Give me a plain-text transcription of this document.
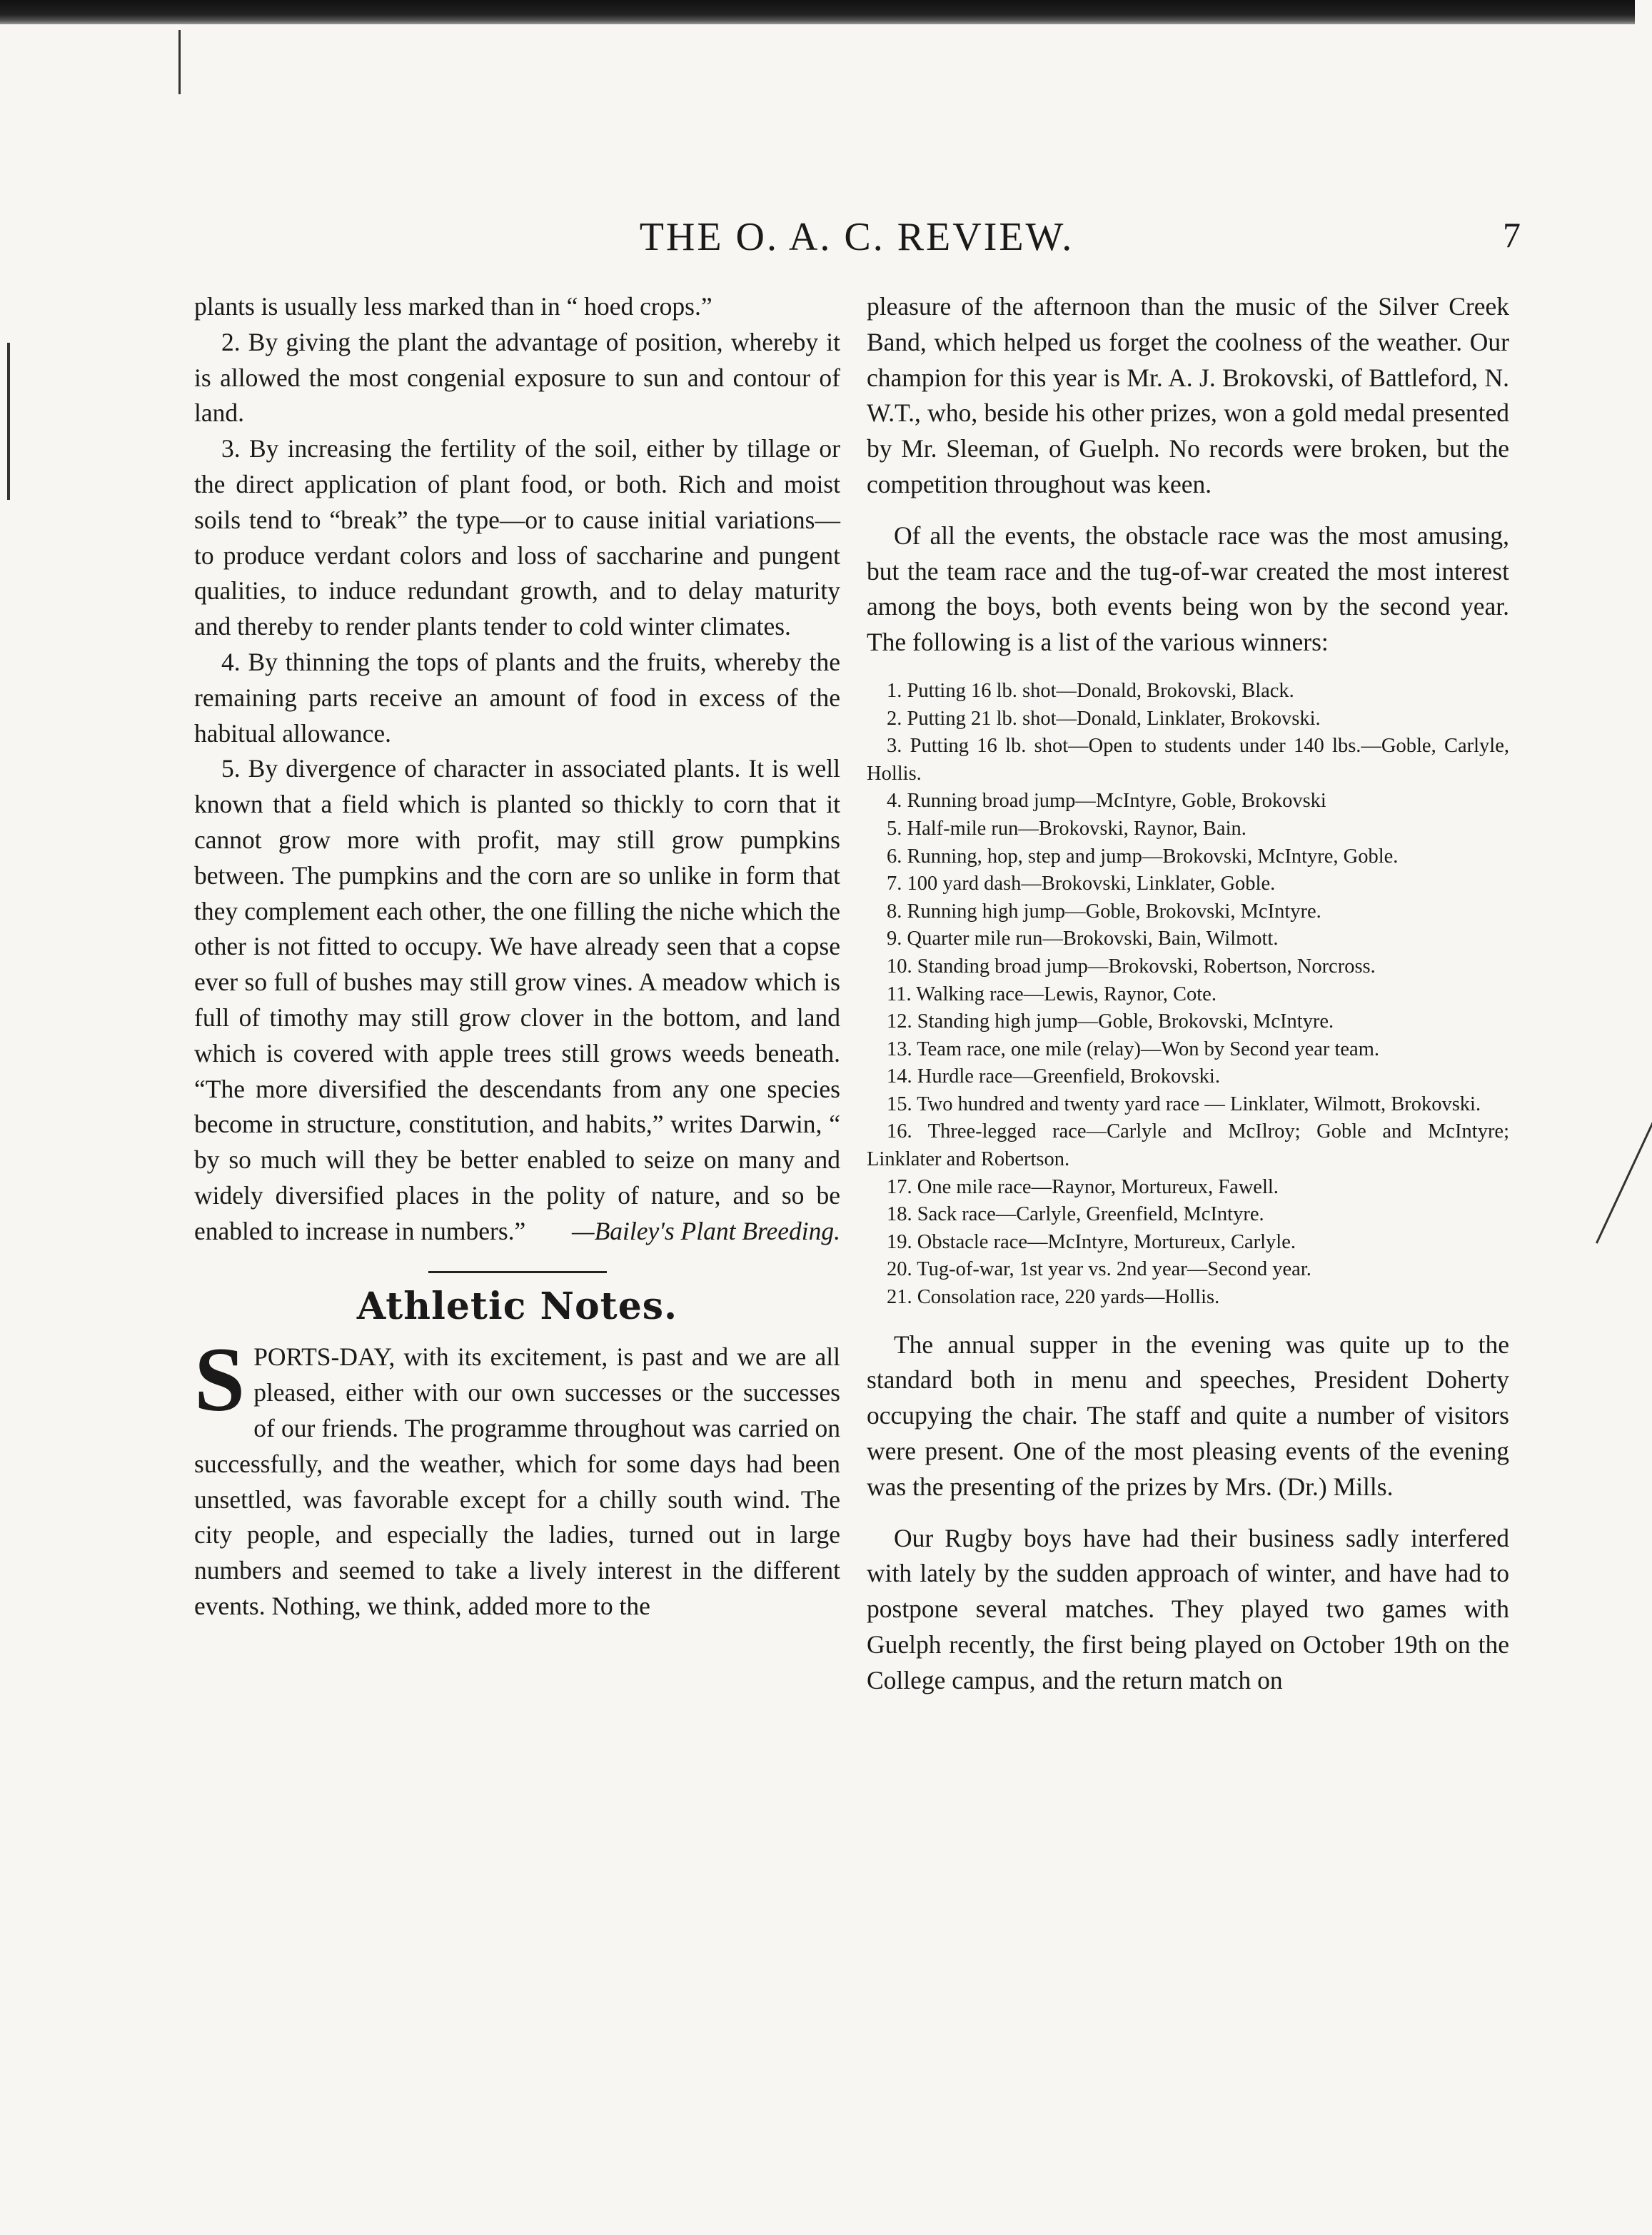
THE O. A. C. REVIEW.	7

plants is usually less marked than in “ hoed crops.”

2. By giving the plant the advantage of position, whereby it is allowed the most congenial exposure to sun and contour of land.

3. By increasing the fertility of the soil, either by tillage or the direct application of plant food, or both. Rich and moist soils tend to “break” the type—or to cause initial variations—to produce verdant colors and loss of saccharine and pungent qualities, to induce redundant growth, and to delay maturity and thereby to render plants tender to cold winter climates.

4. By thinning the tops of plants and the fruits, whereby the remaining parts receive an amount of food in excess of the habitual allowance.

5. By divergence of character in associated plants. It is well known that a field which is planted so thickly to corn that it cannot grow more with profit, may still grow pumpkins between. The pumpkins and the corn are so unlike in form that they complement each other, the one filling the niche which the other is not fitted to occupy. We have already seen that a copse ever so full of bushes may still grow vines. A meadow which is full of timothy may still grow clover in the bottom, and land which is covered with apple trees still grows weeds beneath. “The more diversified the descendants from any one species become in structure, constitution, and habits,” writes Darwin, “ by so much will they be better enabled to seize on many and widely diversified places in the polity of nature, and so be enabled to increase in numbers.”	—Bailey's Plant Breeding.

Athletic Notes.

SPORTS-DAY, with its excitement, is past and we are all pleased, either with our own successes or the successes of our friends. The programme throughout was carried on successfully, and the weather, which for some days had been unsettled, was favorable except for a chilly south wind. The city people, and especially the ladies, turned out in large numbers and seemed to take a lively interest in the different events. Nothing, we think, added more to the

pleasure of the afternoon than the music of the Silver Creek Band, which helped us forget the coolness of the weather. Our champion for this year is Mr. A. J. Brokovski, of Battleford, N. W.T., who, beside his other prizes, won a gold medal presented by Mr. Sleeman, of Guelph. No records were broken, but the competition throughout was keen.

Of all the events, the obstacle race was the most amusing, but the team race and the tug-of-war created the most interest among the boys, both events being won by the second year. The following is a list of the various winners:

1. Putting 16 lb. shot—Donald, Brokovski, Black.
2. Putting 21 lb. shot—Donald, Linklater, Brokovski.
3. Putting 16 lb. shot—Open to students under 140 lbs.—Goble, Carlyle, Hollis.
4. Running broad jump—McIntyre, Goble, Brokovski
5. Half-mile run—Brokovski, Raynor, Bain.
6. Running, hop, step and jump—Brokovski, McIntyre, Goble.
7. 100 yard dash—Brokovski, Linklater, Goble.
8. Running high jump—Goble, Brokovski, McIntyre.
9. Quarter mile run—Brokovski, Bain, Wilmott.
10. Standing broad jump—Brokovski, Robertson, Norcross.
11. Walking race—Lewis, Raynor, Cote.
12. Standing high jump—Goble, Brokovski, McIntyre.
13. Team race, one mile (relay)—Won by Second year team.
14. Hurdle race—Greenfield, Brokovski.
15. Two hundred and twenty yard race — Linklater, Wilmott, Brokovski.
16. Three-legged race—Carlyle and McIlroy; Goble and McIntyre; Linklater and Robertson.
17. One mile race—Raynor, Mortureux, Fawell.
18. Sack race—Carlyle, Greenfield, McIntyre.
19. Obstacle race—McIntyre, Mortureux, Carlyle.
20. Tug-of-war, 1st year vs. 2nd year—Second year.
21. Consolation race, 220 yards—Hollis.

The annual supper in the evening was quite up to the standard both in menu and speeches, President Doherty occupying the chair. The staff and quite a number of visitors were present. One of the most pleasing events of the evening was the presenting of the prizes by Mrs. (Dr.) Mills.

Our Rugby boys have had their business sadly interfered with lately by the sudden approach of winter, and have had to postpone several matches. They played two games with Guelph recently, the first being played on October 19th on the College campus, and the return match on
